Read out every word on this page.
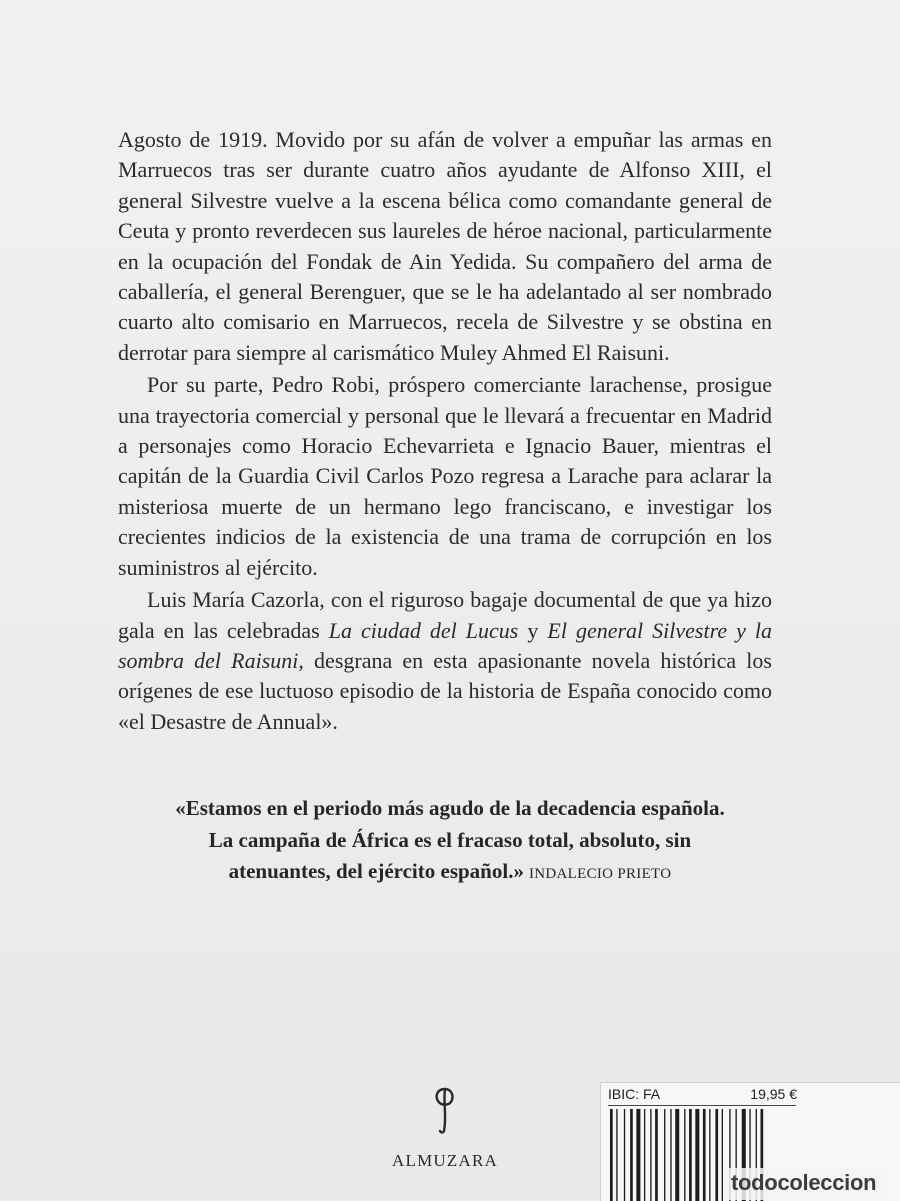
Agosto de 1919. Movido por su afán de volver a empuñar las armas en Marruecos tras ser durante cuatro años ayudante de Alfonso XIII, el general Silvestre vuelve a la escena bélica como comandante general de Ceuta y pronto reverdecen sus laureles de héroe nacional, particularmente en la ocupación del Fondak de Ain Yedida. Su compañero del arma de caballería, el general Berenguer, que se le ha adelantado al ser nombrado cuarto alto comisario en Marruecos, recela de Silvestre y se obstina en derrotar para siempre al carismático Muley Ahmed El Raisuni.

Por su parte, Pedro Robi, próspero comerciante larachense, prosigue una trayectoria comercial y personal que le llevará a frecuentar en Madrid a personajes como Horacio Echevarrieta e Ignacio Bauer, mientras el capitán de la Guardia Civil Carlos Pozo regresa a Larache para aclarar la misteriosa muerte de un hermano lego franciscano, e investigar los crecientes indicios de la existencia de una trama de corrupción en los suministros al ejército.

Luis María Cazorla, con el riguroso bagaje documental de que ya hizo gala en las celebradas La ciudad del Lucus y El general Silvestre y la sombra del Raisuni, desgrana en esta apasionante novela histórica los orígenes de ese luctuoso episodio de la historia de España conocido como «el Desastre de Annual».

«Estamos en el periodo más agudo de la decadencia española. La campaña de África es el fracaso total, absoluto, sin atenuantes, del ejército español.» INDALECIO PRIETO
ALMUZARA
IBIC: FA	19,95 €
todocoleccion
